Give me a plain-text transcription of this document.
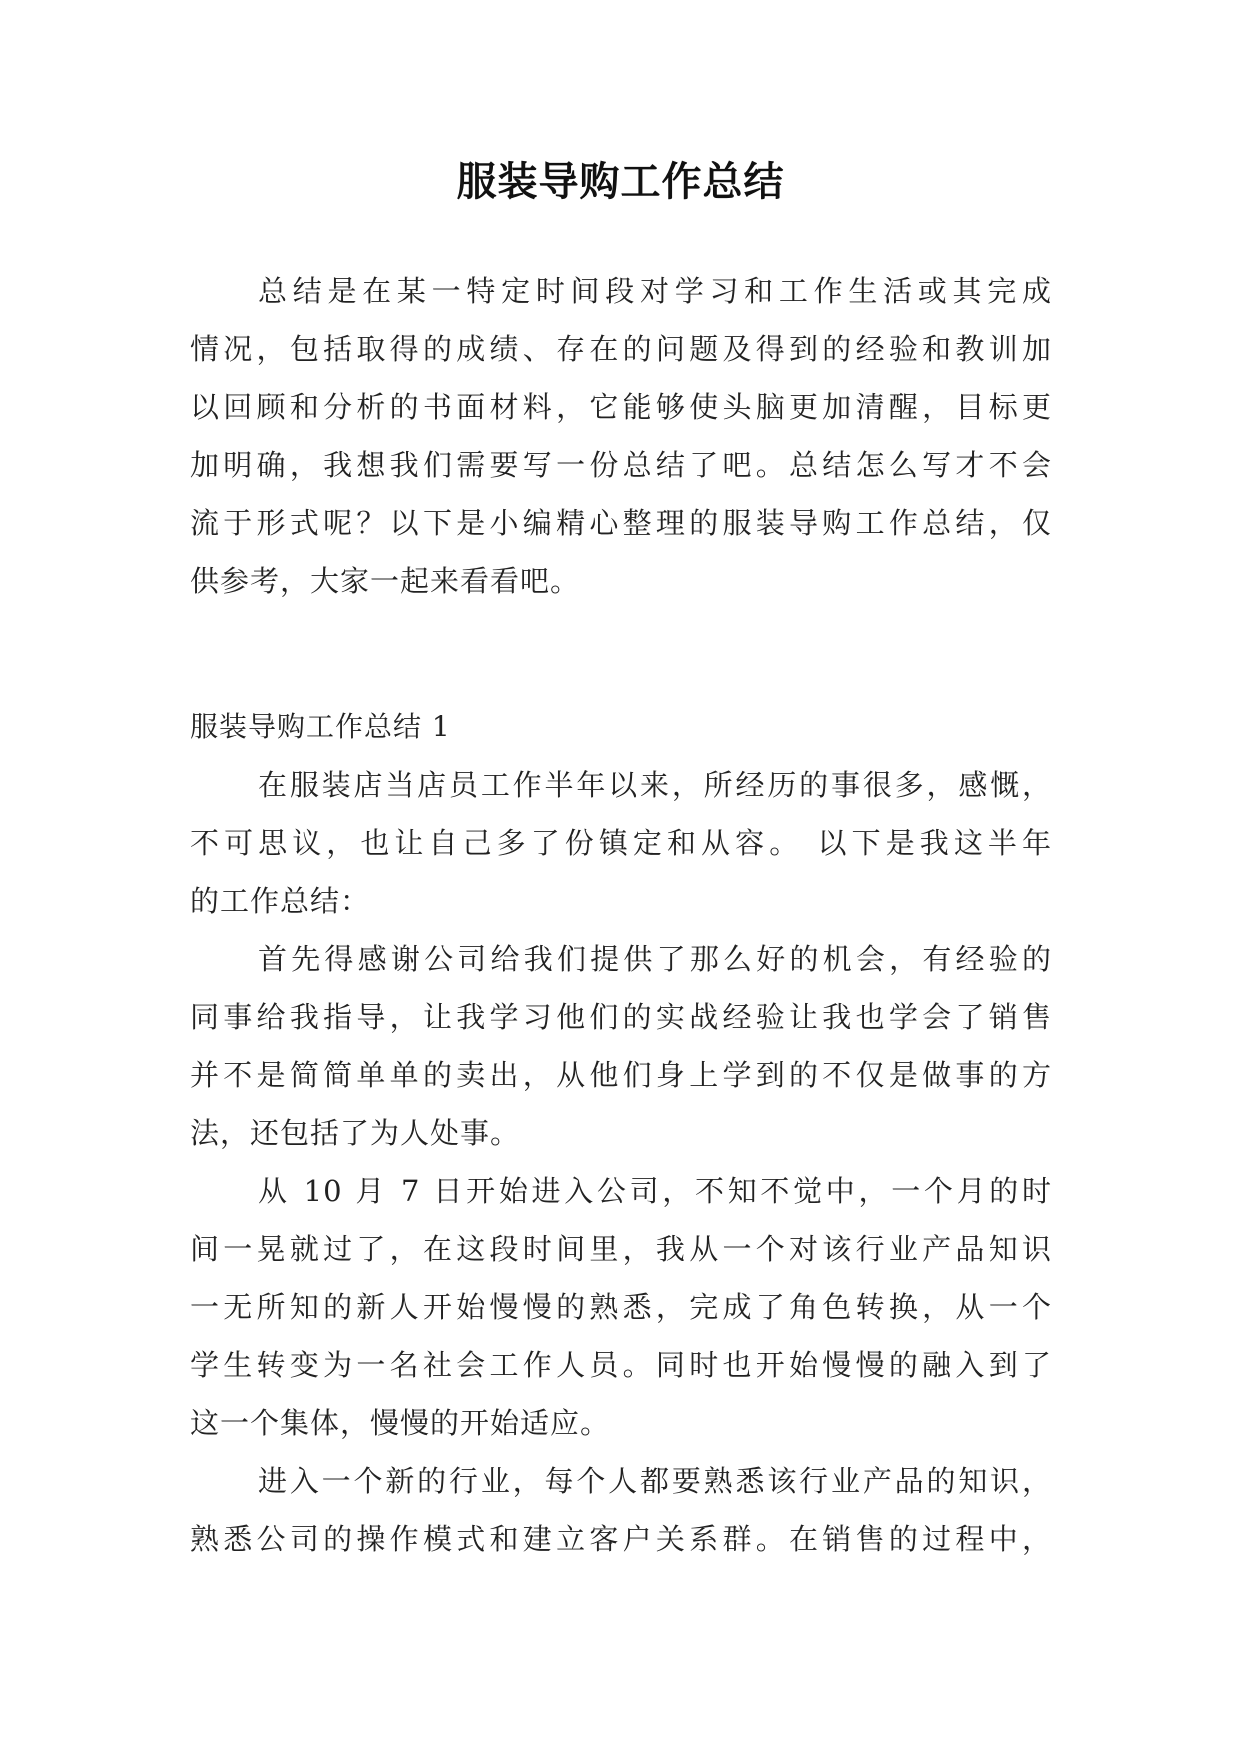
服装导购工作总结
总结是在某一特定时间段对学习和工作生活或其完成
情况，包括取得的成绩、存在的问题及得到的经验和教训加
以回顾和分析的书面材料，它能够使头脑更加清醒，目标更
加明确，我想我们需要写一份总结了吧。总结怎么写才不会
流于形式呢？以下是小编精心整理的服装导购工作总结，仅
供参考，大家一起来看看吧。
服装导购工作总结 1
在服装店当店员工作半年以来，所经历的事很多，感慨，
不可思议，也让自己多了份镇定和从容。 以下是我这半年
的工作总结：
首先得感谢公司给我们提供了那么好的机会，有经验的
同事给我指导，让我学习他们的实战经验让我也学会了销售
并不是简简单单的卖出，从他们身上学到的不仅是做事的方
法，还包括了为人处事。
从 10 月 7 日开始进入公司，不知不觉中，一个月的时
间一晃就过了，在这段时间里，我从一个对该行业产品知识
一无所知的新人开始慢慢的熟悉，完成了角色转换，从一个
学生转变为一名社会工作人员。同时也开始慢慢的融入到了
这一个集体，慢慢的开始适应。
进入一个新的行业，每个人都要熟悉该行业产品的知识，
熟悉公司的操作模式和建立客户关系群。在销售的过程中，
